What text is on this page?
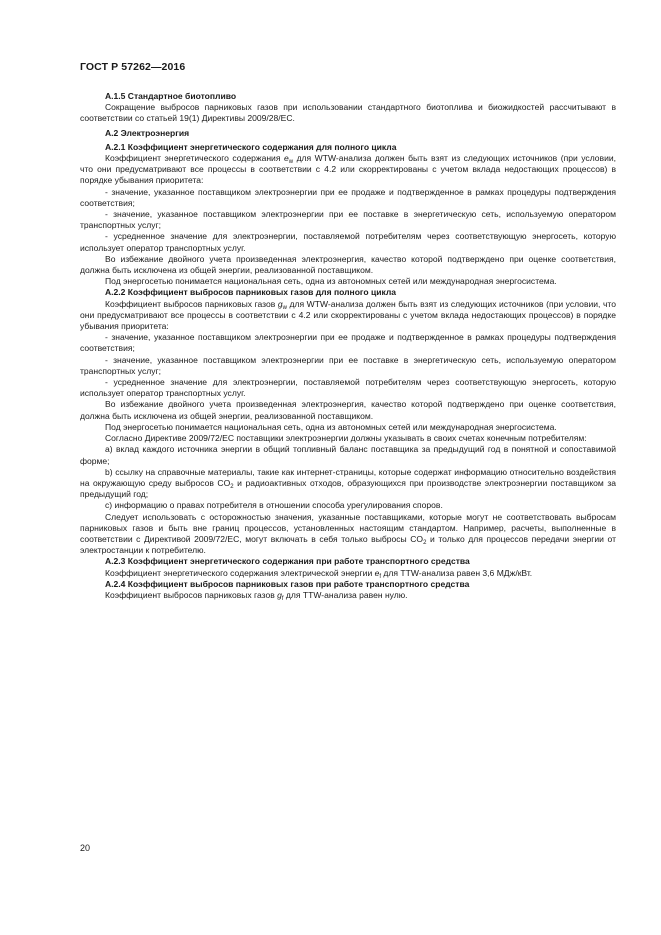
ГОСТ Р 57262—2016

А.1.5 Стандартное биотопливо

Сокращение выбросов парниковых газов при использовании стандартного биотоплива и биожидкостей рассчитывают в соответствии со статьей 19(1) Директивы 2009/28/ЕС.

А.2 Электроэнергия

А.2.1 Коэффициент энергетического содержания для полного цикла

Коэффициент энергетического содержания $e_w$ для WTW-анализа должен быть взят из следующих источников (при условии, что они предусматривают все процессы в соответствии с 4.2 или скорректированы с учетом вклада недостающих процессов) в порядке убывания приоритета:

- значение, указанное поставщиком электроэнергии при ее продаже и подтвержденное в рамках процедуры подтверждения соответствия;

- значение, указанное поставщиком электроэнергии при ее поставке в энергетическую сеть, используемую оператором транспортных услуг;

- усредненное значение для электроэнергии, поставляемой потребителям через соответствующую энергосеть, которую использует оператор транспортных услуг.

Во избежание двойного учета произведенная электроэнергия, качество которой подтверждено при оценке соответствия, должна быть исключена из общей энергии, реализованной поставщиком.

Под энергосетью понимается национальная сеть, одна из автономных сетей или международная энергосистема.

А.2.2 Коэффициент выбросов парниковых газов для полного цикла

Коэффициент выбросов парниковых газов $g_w$ для WTW-анализа должен быть взят из следующих источников (при условии, что они предусматривают все процессы в соответствии с 4.2 или скорректированы с учетом вклада недостающих процессов) в порядке убывания приоритета:

- значение, указанное поставщиком электроэнергии при ее продаже и подтвержденное в рамках процедуры подтверждения соответствия;

- значение, указанное поставщиком электроэнергии при ее поставке в энергетическую сеть, используемую оператором транспортных услуг;

- усредненное значение для электроэнергии, поставляемой потребителям через соответствующую энергосеть, которую использует оператор транспортных услуг.

Во избежание двойного учета произведенная электроэнергия, качество которой подтверждено при оценке соответствия, должна быть исключена из общей энергии, реализованной поставщиком.

Под энергосетью понимается национальная сеть, одна из автономных сетей или международная энергосистема.

Согласно Директиве 2009/72/ЕС поставщики электроэнергии должны указывать в своих счетах конечным потребителям:

а) вклад каждого источника энергии в общий топливный баланс поставщика за предыдущий год в понятной и сопоставимой форме;

b) ссылку на справочные материалы, такие как интернет-страницы, которые содержат информацию относительно воздействия на окружающую среду выбросов $CO_2$ и радиоактивных отходов, образующихся при производстве электроэнергии поставщиком за предыдущий год;

с) информацию о правах потребителя в отношении способа урегулирования споров.

Следует использовать с осторожностью значения, указанные поставщиками, которые могут не соответствовать выбросам парниковых газов и быть вне границ процессов, установленных настоящим стандартом. Например, расчеты, выполненные в соответствии с Директивой 2009/72/ЕС, могут включать в себя только выбросы $CO_2$ и только для процессов передачи энергии от электростанции к потребителю.

А.2.3 Коэффициент энергетического содержания при работе транспортного средства

Коэффициент энергетического содержания электрической энергии $e_f$ для TTW-анализа равен 3,6 МДж/кВт.

А.2.4 Коэффициент выбросов парниковых газов при работе транспортного средства

Коэффициент выбросов парниковых газов $g_f$ для TTW-анализа равен нулю.

20
